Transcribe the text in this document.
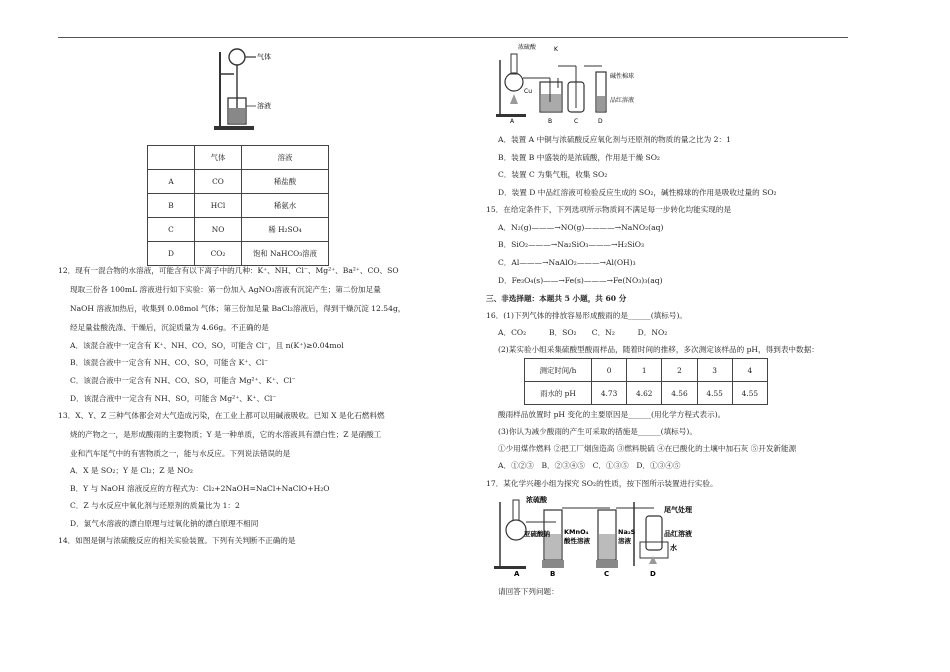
气体
溶液
	气体	溶液
A	CO	稀盐酸
B	HCl	稀氨水
C	NO	稀 H₂SO₄
D	CO₂	饱和 NaHCO₃溶液
12．现有一混合物的水溶液，可能含有以下离子中的几种：K⁺、NH、Cl⁻、Mg²⁺、Ba²⁺、CO、SO
现取三份各 100mL 溶液进行如下实验：第一份加入 AgNO₃溶液有沉淀产生；第二份加足量
NaOH 溶液加热后，收集到 0.08mol 气体；第三份加足量 BaCl₂溶液后，得到干燥沉淀 12.54g，
经足量盐酸洗涤、干燥后，沉淀质量为 4.66g。不正确的是
A．该混合液中一定含有 K⁺、NH、CO、SO，可能含 Cl⁻，且 n(K⁺)≥0.04mol
B．该混合液中一定含有 NH、CO、SO，可能含 K⁺、Cl⁻
C．该混合液中一定含有 NH、CO、SO，可能含 Mg²⁺、K⁺、Cl⁻
D．该混合液中一定含有 NH、SO，可能含 Mg²⁺、K⁺、Cl⁻
13．X、Y、Z 三种气体都会对大气造成污染，在工业上都可以用碱液吸收。已知 X 是化石燃料燃
烧的产物之一，是形成酸雨的主要物质；Y 是一种单质，它的水溶液具有漂白性；Z 是硝酸工
业和汽车尾气中的有害物质之一，能与水反应。下列说法错误的是
A．X 是 SO₂；Y 是 Cl₂；Z 是 NO₂
B．Y 与 NaOH 溶液反应的方程式为：Cl₂+2NaOH=NaCl+NaClO+H₂O
C．Z 与水反应中氧化剂与还原剂的质量比为 1：2
D．氯气水溶液的漂白原理与过氧化钠的漂白原理不相同
14．如图是铜与浓硫酸反应的相关实验装置。下列有关判断不正确的是
浓硫酸	K
Cu
碱性棉球
品红溶液
A	B	C	D
A．装置 A 中铜与浓硫酸反应氧化剂与还原剂的物质的量之比为 2：1
B．装置 B 中盛装的是浓硫酸，作用是干燥 SO₂
C．装置 C 为集气瓶，收集 SO₂
D．装置 D 中品红溶液可检验反应生成的 SO₂，碱性棉球的作用是吸收过量的 SO₂
15．在给定条件下，下列选项所示物质间不满足每一步转化均能实现的是
A．N₂(g)———→NO(g)————→NaNO₂(aq)
B．SiO₂———→Na₂SiO₃———→H₂SiO₃
C．Al———→NaAlO₂———→Al(OH)₃
D．Fe₃O₄(s)——→Fe(s)———→Fe(NO₃)₃(aq)
三、非选择题：本题共 5 小题，共 60 分
16．(1)下列气体的排放容易形成酸雨的是______(填标号)。
A．CO₂　　　B．SO₂　　C．N₂　　　D．NO₂
(2)某实验小组采集硫酸型酸雨样品，随着时间的推移，多次测定该样品的 pH，得到表中数据：
测定时间/h	0	1	2	3	4
雨水的 pH	4.73	4.62	4.56	4.55	4.55
酸雨样品放置时 pH 变化的主要原因是______(用化学方程式表示)。
(3)你认为减少酸雨的产生可采取的措施是______(填标号)。
①少用煤作燃料 ②把工厂烟囱造高 ③燃料脱硫 ④在已酸化的土壤中加石灰 ⑤开发新能源
A．①②③　B．②③④⑤　C．①③⑤　D．①③④⑤
17．某化学兴趣小组为探究 SO₂的性质，按下图所示装置进行实验。
浓硫酸
亚硫酸钠 KMnO₄
酸性溶液
Na₂S
溶液
尾气处理
品红溶液
水
A	B	C	D
请回答下列问题：
